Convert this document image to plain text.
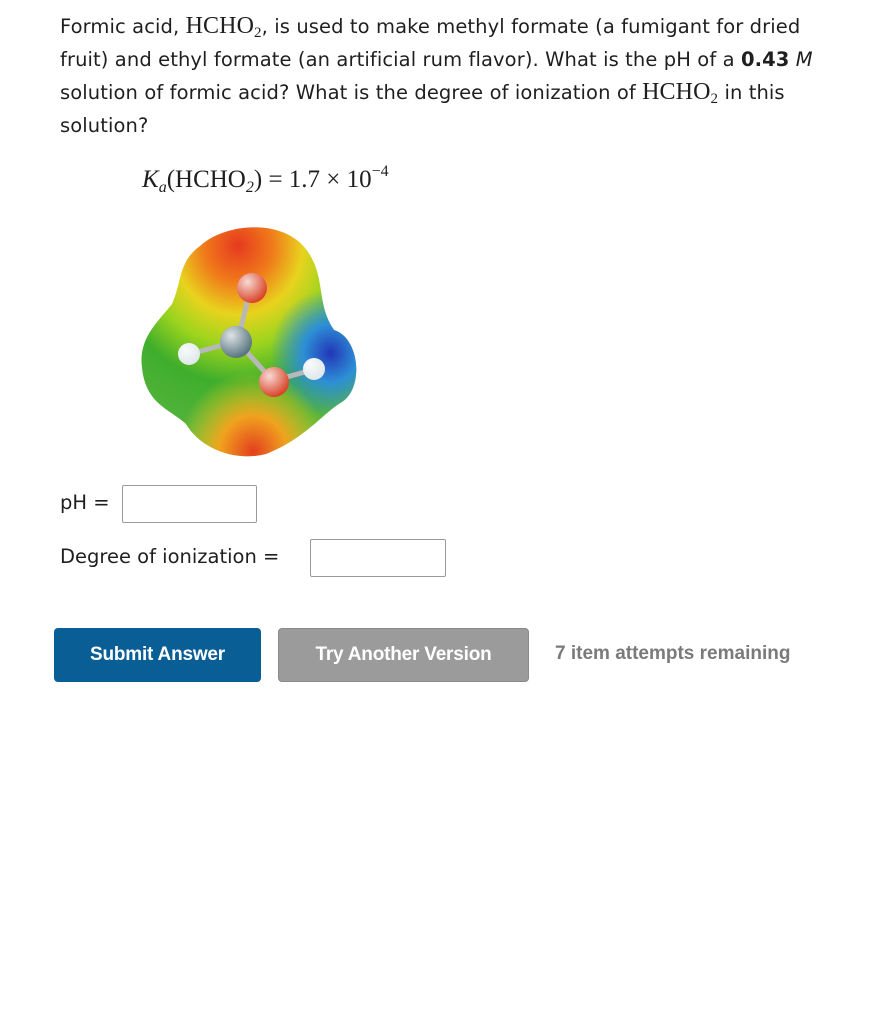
Formic acid, $HCHO_2$, is used to make methyl formate (a fumigant for dried fruit) and ethyl formate (an artificial rum flavor). What is the pH of a 0.43 M solution of formic acid? What is the degree of ionization of $HCHO_2$ in this solution?
$K_a(HCHO_2) = 1.7 \times 10^{-4}$
pH =
Degree of ionization =
Submit Answer	Try Another Version	7 item attempts remaining
